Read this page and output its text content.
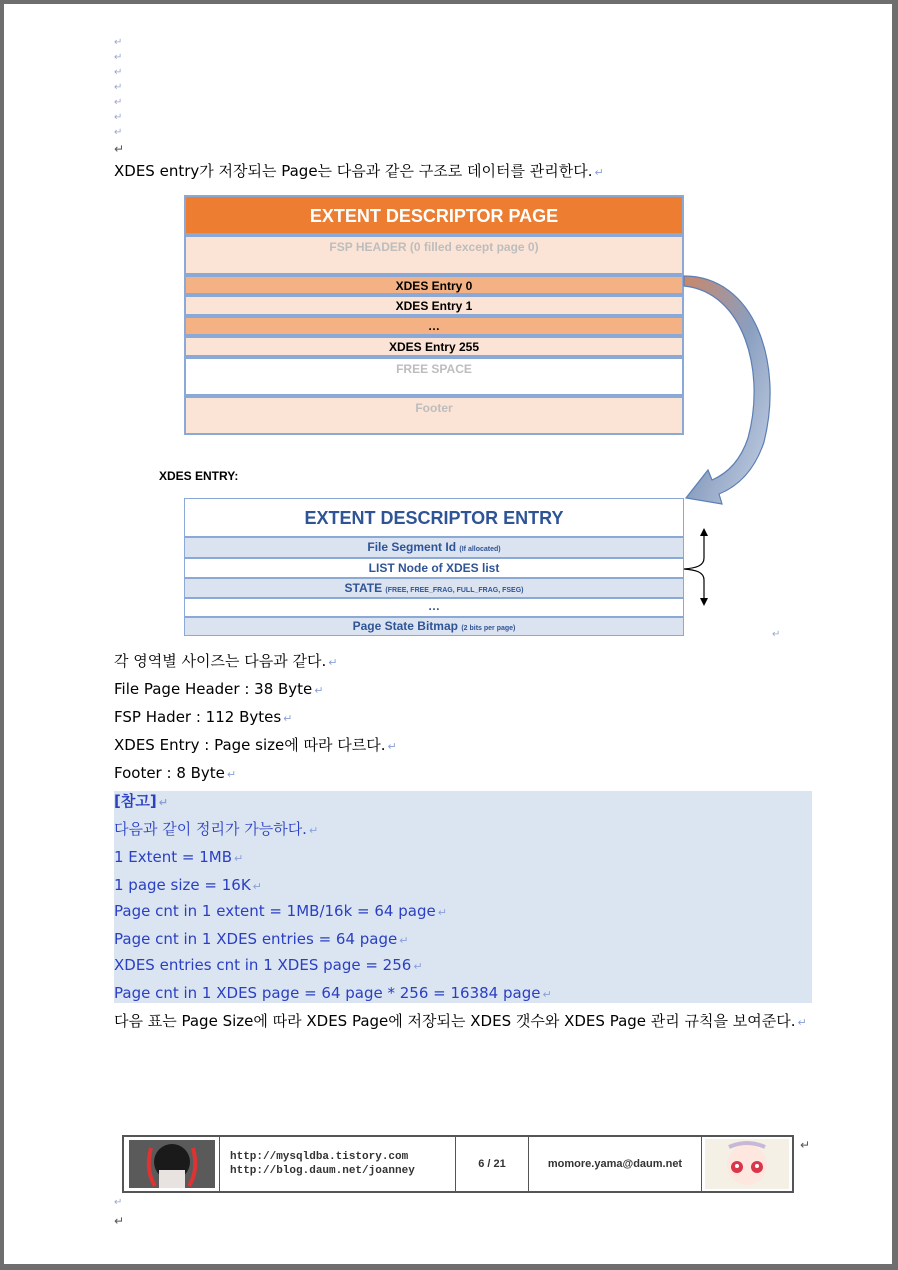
↵
↵
↵
↵
↵
↵
↵
↵
XDES entry가 저장되는 Page는 다음과 같은 구조로 데이터를 관리한다. ↵
EXTENT DESCRIPTOR PAGE
FSP HEADER (0 filled except page 0)
XDES Entry 0
XDES Entry 1
…
XDES Entry 255
FREE SPACE
Footer
XDES ENTRY:
EXTENT DESCRIPTOR ENTRY
File Segment Id (If allocated)
LIST Node of XDES list
STATE (FREE, FREE_FRAG, FULL_FRAG, FSEG)
…
Page State Bitmap (2 bits per page)
↵
각 영역별 사이즈는 다음과 같다. ↵
File Page Header : 38 Byte ↵
FSP Hader : 112 Bytes ↵
XDES Entry : Page size에 따라 다르다. ↵
Footer : 8 Byte ↵
[참고] ↵
다음과 같이 정리가 가능하다. ↵
1 Extent = 1MB ↵
1 page size = 16K ↵
Page cnt in 1 extent = 1MB/16k = 64 page ↵
Page cnt in 1 XDES entries = 64 page ↵
XDES entries cnt in 1 XDES page = 256 ↵
Page cnt in 1 XDES page = 64 page * 256 = 16384 page ↵
다음 표는 Page Size에 따라 XDES Page에 저장되는 XDES 갯수와 XDES Page 관리 규칙을 보여준다. ↵
http://mysqldba.tistory.com
http://blog.daum.net/joanney
6 / 21	momore.yama@daum.net
↵
↵
↵
